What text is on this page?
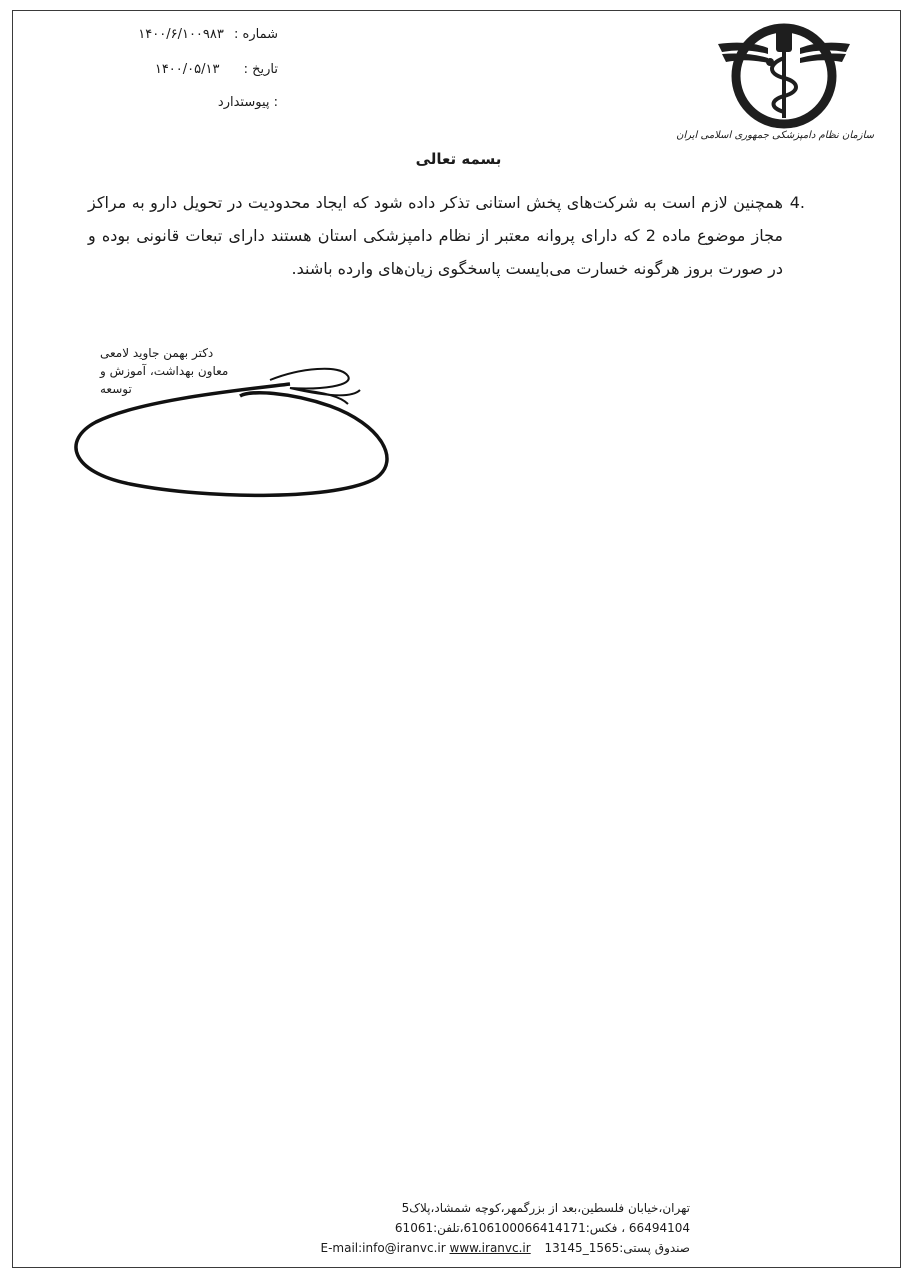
شماره : ۱۴۰۰/۶/۱۰۰۹۸۳
تاریخ : ۱۴۰۰/۰۵/۱۳
: پیوستدارد
سازمان نظام دامپزشکی جمهوری اسلامی ایران
بسمه تعالی
4.
همچنین لازم است به شرکت‌های پخش استانی تذکر داده شود که ایجاد محدودیت در تحویل دارو به مراکز مجاز موضوع ماده 2 که دارای پروانه معتبر از نظام دامپزشکی استان هستند دارای تبعات قانونی بوده و در صورت بروز هرگونه خسارت می‌بایست پاسخگوی زیان‌های وارده باشند.
دکتر بهمن جاوید لامعی
معاون بهداشت، آموزش و توسعه
تهران،خیابان فلسطین،بعد از بزرگمهر،کوچه شمشاد،پلاک5
66494104 ، فکس:6106100066414171،تلفن:61061
صندوق پستی:1565_13145 E-mail:info@iranvc.ir www.iranvc.ir
